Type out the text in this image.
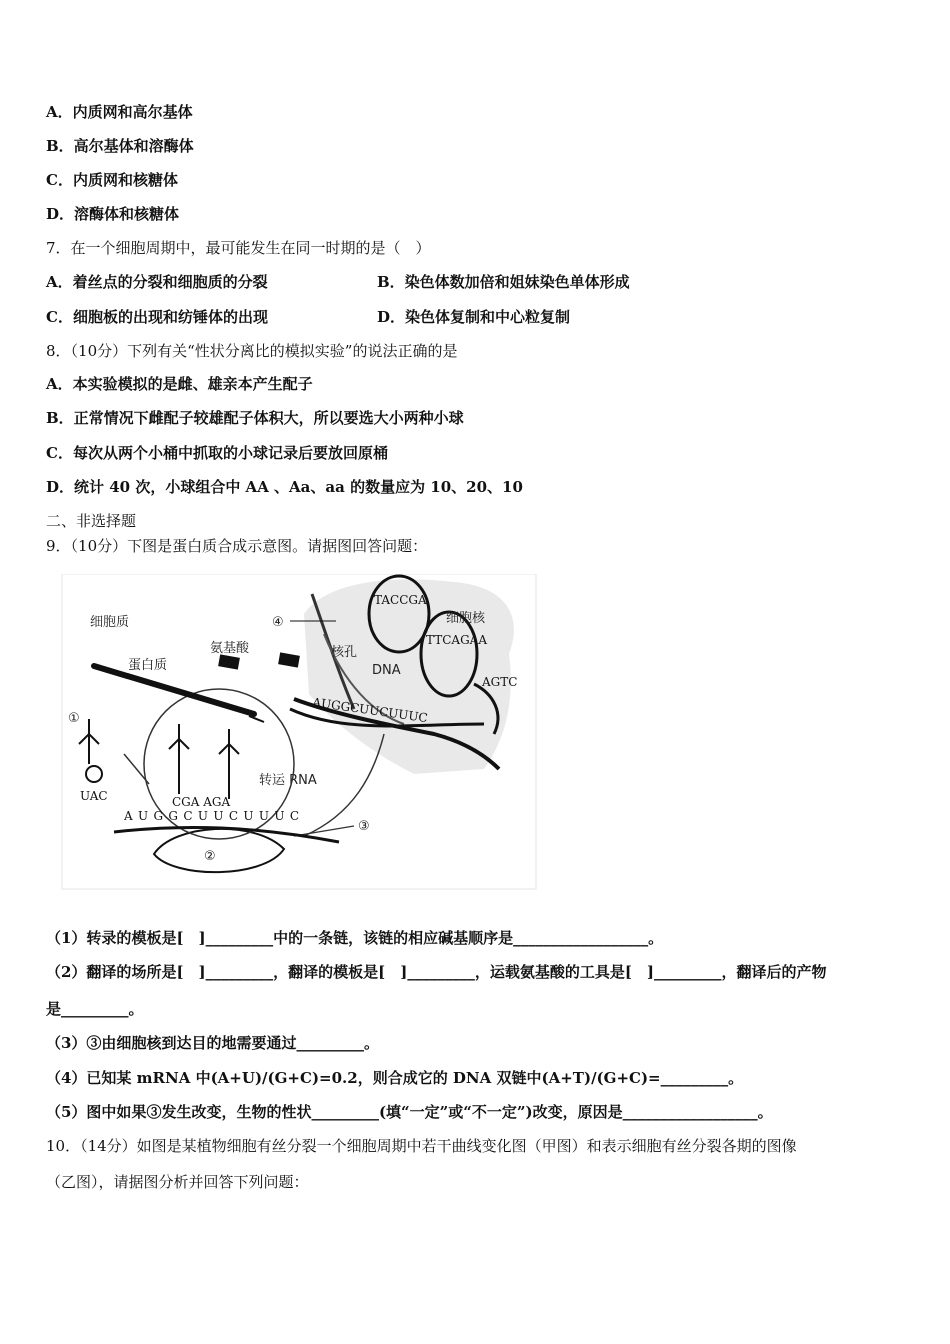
A．内质网和高尔基体
B．高尔基体和溶酶体
C．内质网和核糖体
D．溶酶体和核糖体
7．在一个细胞周期中，最可能发生在同一时期的是（　）
A．着丝点的分裂和细胞质的分裂	B．染色体数加倍和姐妹染色单体形成
C．细胞板的出现和纺锤体的出现	D．染色体复制和中心粒复制
8．（10分）下列有关“性状分离比的模拟实验”的说法正确的是
A．本实验模拟的是雌、雄亲本产生配子
B．正常情况下雌配子较雄配子体积大，所以要选大小两种小球
C．每次从两个小桶中抓取的小球记录后要放回原桶
D．统计 40 次，小球组合中 AA 、Aa、aa 的数量应为 10、20、10
二、非选择题
9．（10分）下图是蛋白质合成示意图。请据图回答问题：
TACCGA
TTCAGAA
AGTC
细胞质	细胞核
蛋白质
氨基酸	核孔
DNA
转运 RNA
④
①
②
③
AUGGCUUCUUUC
AUGGCUUCUUUC
UAC	CGA AGA
（1）转录的模板是[　]_________中的一条链，该链的相应碱基顺序是__________________。
（2）翻译的场所是[　]_________，翻译的模板是[　]_________，运载氨基酸的工具是[　]_________，翻译后的产物
是_________。
（3）③由细胞核到达目的地需要通过_________。
（4）已知某 mRNA 中(A+U)/(G+C)=0.2，则合成它的 DNA 双链中(A+T)/(G+C)=_________。
（5）图中如果③发生改变，生物的性状_________(填“一定”或“不一定”)改变，原因是__________________。
10．（14分）如图是某植物细胞有丝分裂一个细胞周期中若干曲线变化图（甲图）和表示细胞有丝分裂各期的图像
（乙图），请据图分析并回答下列问题：
